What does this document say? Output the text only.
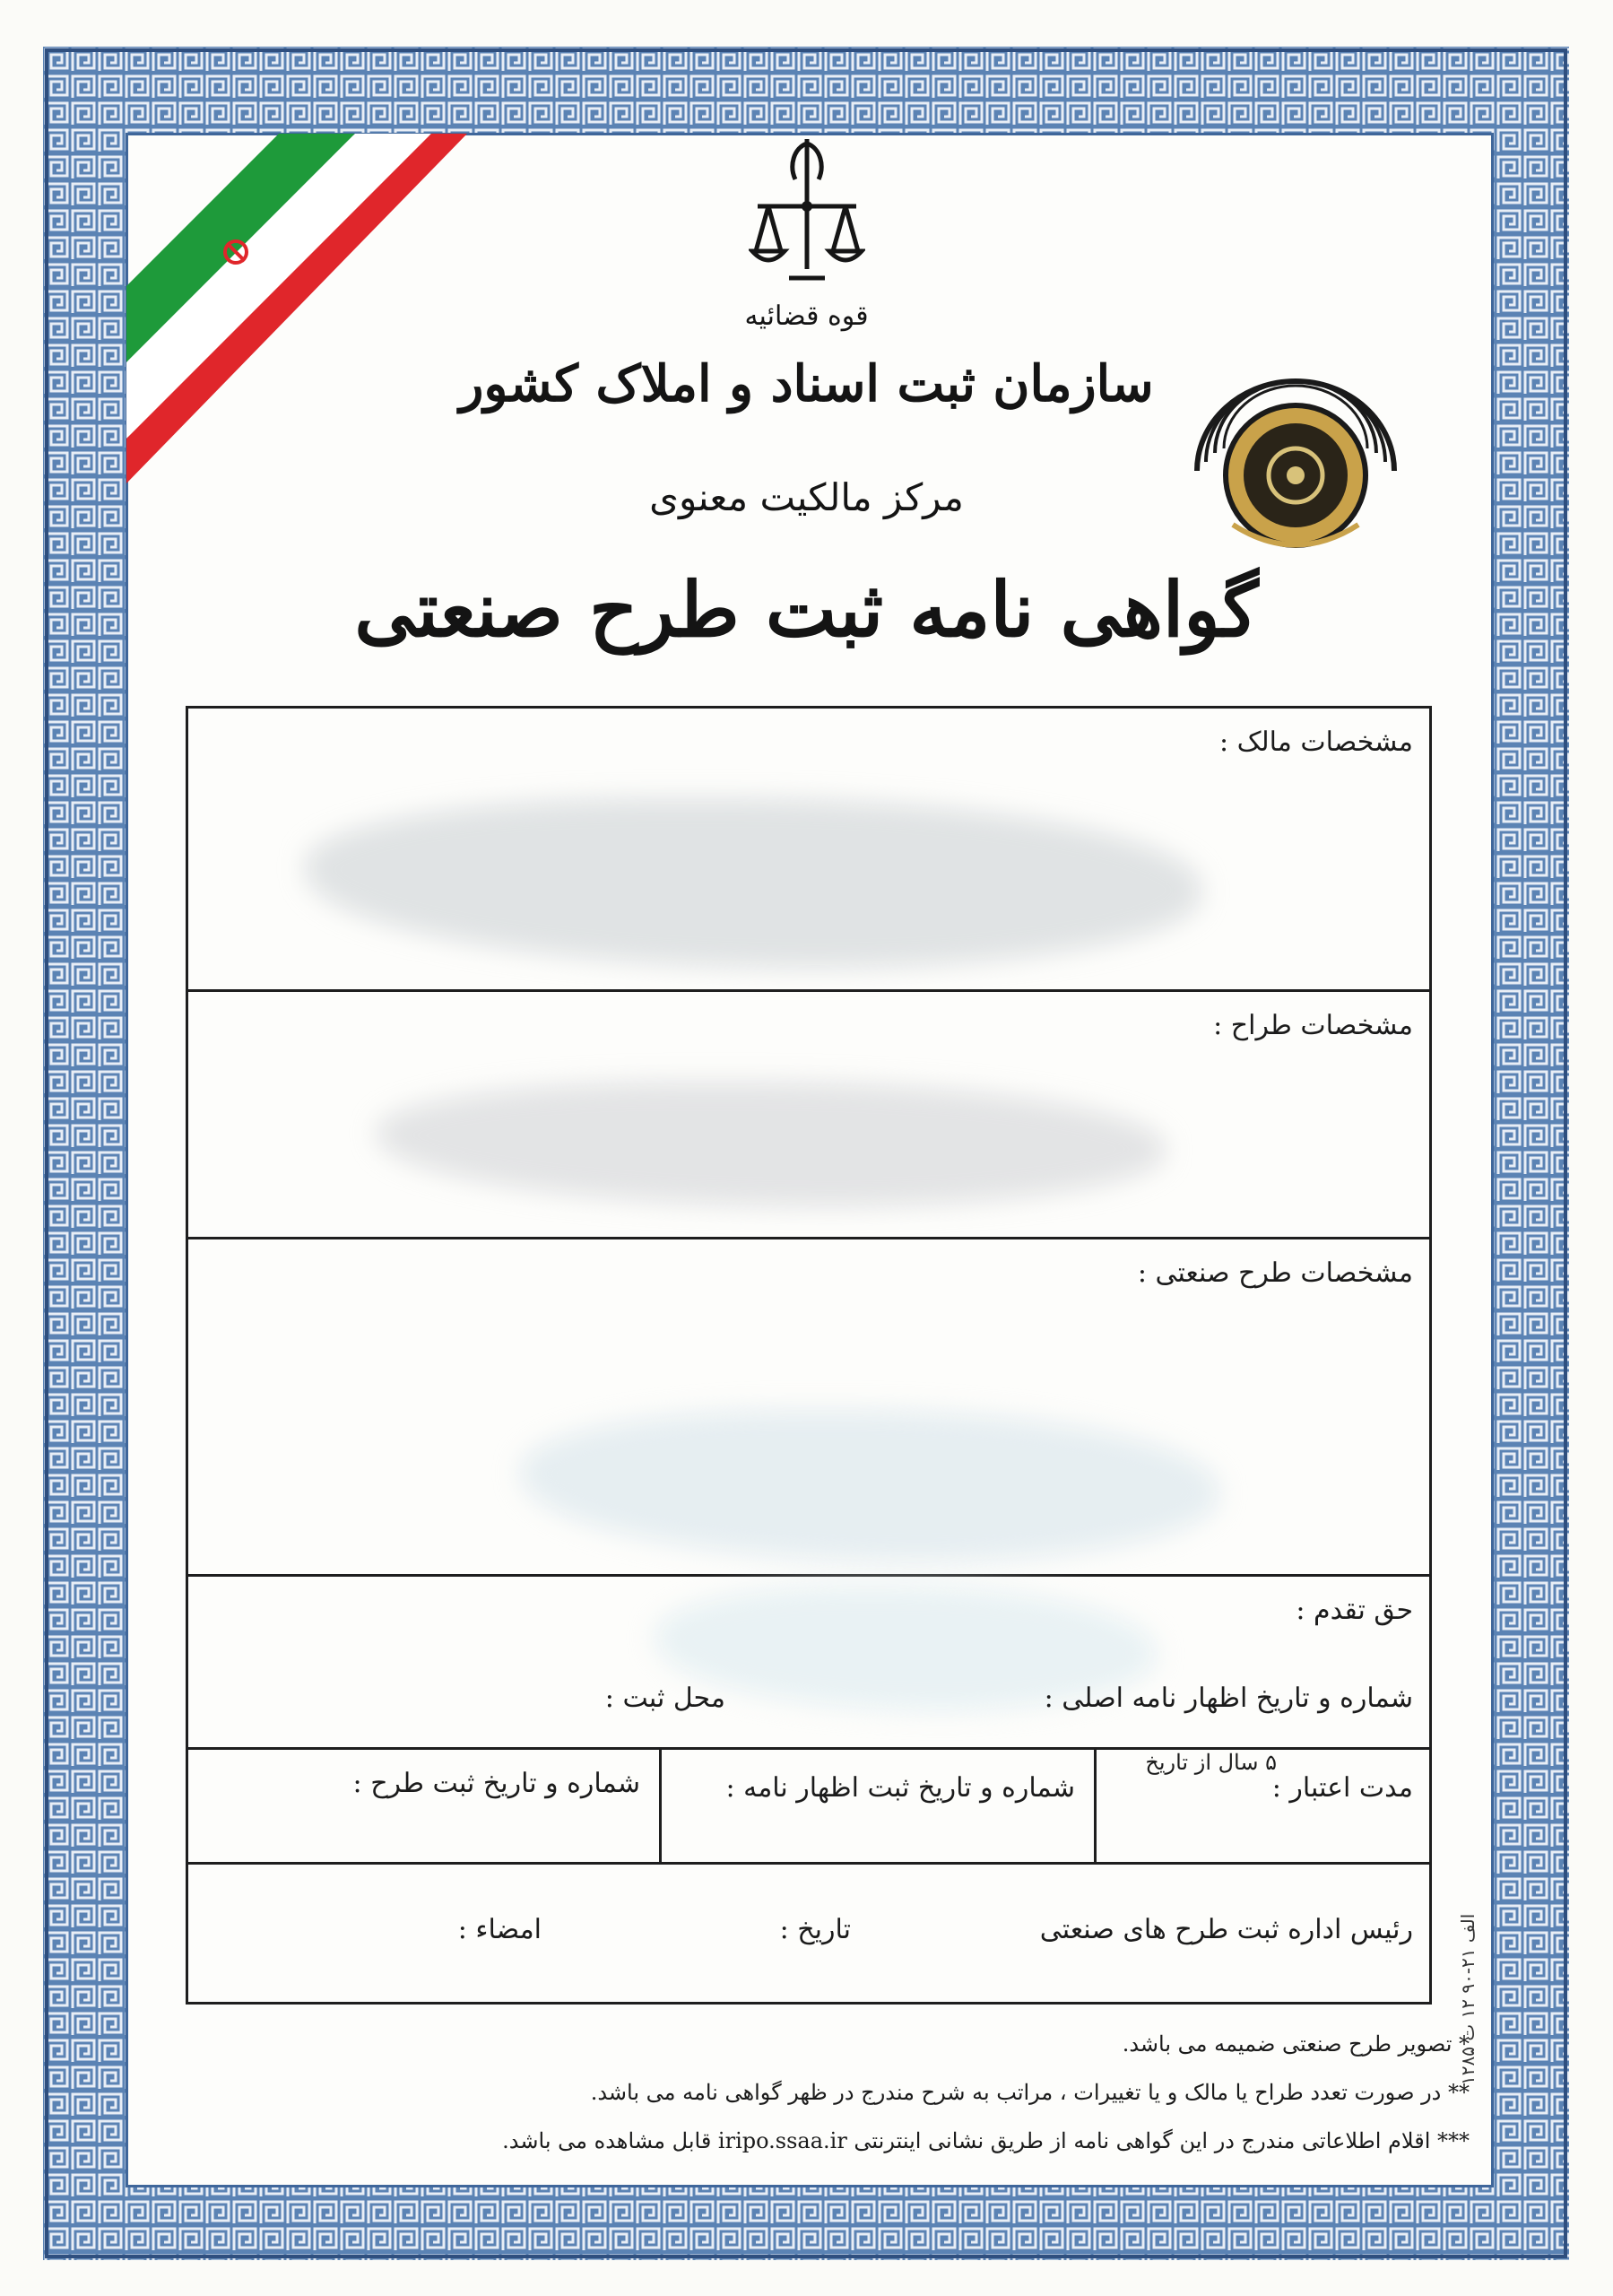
قوه قضائیه
سازمان ثبت اسناد و املاک کشور
مرکز مالکیت معنوی
گواهی نامه ثبت طرح صنعتی
مشخصات مالک :
مشخصات طراح :
مشخصات طرح صنعتی :
حق تقدم :
شماره و تاریخ اظهار نامه اصلی :
محل ثبت :
مدت اعتبار :
۵ سال از تاریخ
شماره و تاریخ ثبت اظهار نامه :
شماره و تاریخ ثبت طرح :
رئیس اداره ثبت طرح های صنعتی
تاریخ :
امضاء :
۱۲۸۵ الف ۲۱-۹۰ ۱۲ ت
* تصویر طرح صنعتی ضمیمه می باشد.
** در صورت تعدد طراح یا مالک و یا تغییرات ، مراتب به شرح مندرج در ظهر گواهی نامه می باشد.
*** اقلام اطلاعاتی مندرج در این گواهی نامه از طریق نشانی اینترنتی iripo.ssaa.ir قابل مشاهده می باشد.
